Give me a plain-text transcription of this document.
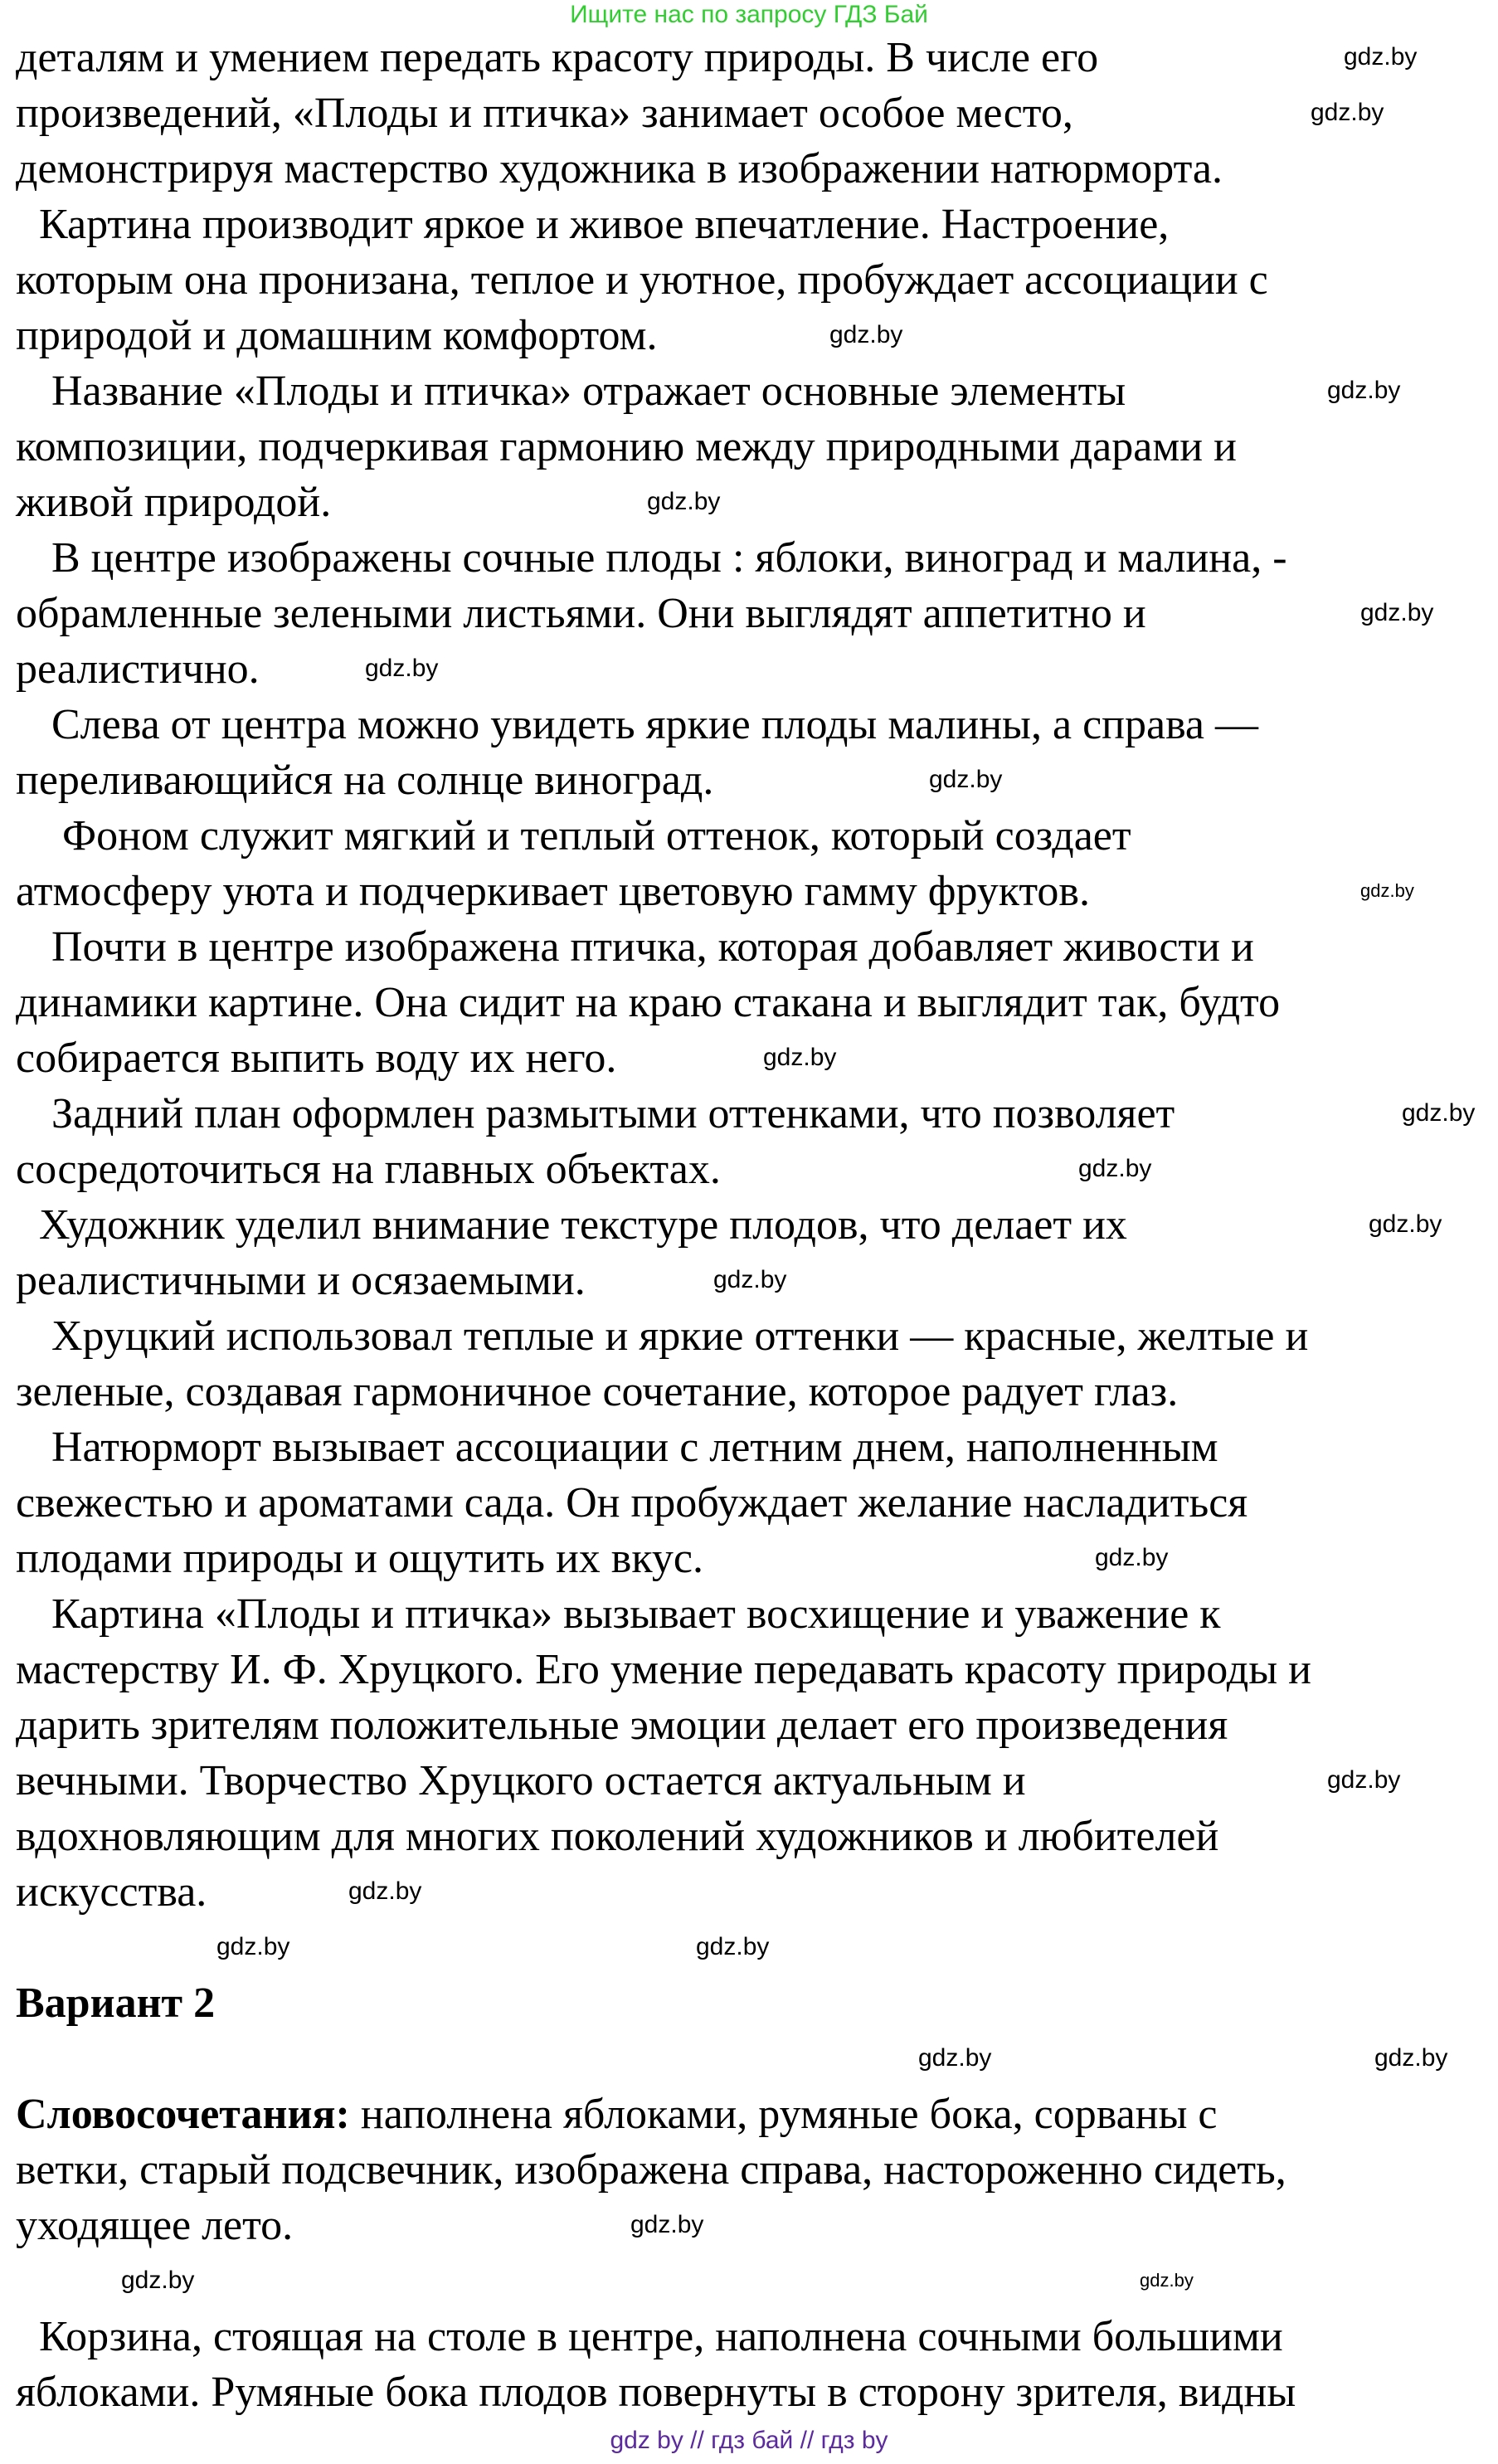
Ищите нас по запросу ГДЗ Бай
деталям и умением передать красоту природы. В числе его
произведений, «Плоды и птичка» занимает особое место,
демонстрируя мастерство художника в изображении натюрморта.
Картина производит яркое и живое впечатление. Настроение,
которым она пронизана, теплое и уютное, пробуждает ассоциации с
природой и домашним комфортом.
Название «Плоды и птичка» отражает основные элементы
композиции, подчеркивая гармонию между природными дарами и
живой природой.
В центре изображены сочные плоды : яблоки, виноград и малина, -
обрамленные зелеными листьями. Они выглядят аппетитно и
реалистично.
Слева от центра можно увидеть яркие плоды малины, а справа —
переливающийся на солнце виноград.
Фоном служит мягкий и теплый оттенок, который создает
атмосферу уюта и подчеркивает цветовую гамму фруктов.
Почти в центре изображена птичка, которая добавляет живости и
динамики картине. Она сидит на краю стакана и выглядит так, будто
собирается выпить воду их него.
Задний план оформлен размытыми оттенками, что позволяет
сосредоточиться на главных объектах.
Художник уделил внимание текстуре плодов, что делает их
реалистичными и осязаемыми.
Хруцкий использовал теплые и яркие оттенки — красные, желтые и
зеленые, создавая гармоничное сочетание, которое радует глаз.
Натюрморт вызывает ассоциации с летним днем, наполненным
свежестью и ароматами сада. Он пробуждает желание насладиться
плодами природы и ощутить их вкус.
Картина «Плоды и птичка» вызывает восхищение и уважение к
мастерству И. Ф. Хруцкого. Его умение передавать красоту природы и
дарить зрителям положительные эмоции делает его произведения
вечными. Творчество Хруцкого остается актуальным и
вдохновляющим для многих поколений художников и любителей
искусства.
Вариант 2
Словосочетания: наполнена яблоками, румяные бока, сорваны с
ветки, старый подсвечник, изображена справа, настороженно сидеть,
уходящее лето.
Корзина, стоящая на столе в центре, наполнена сочными большими
яблоками. Румяные бока плодов повернуты в сторону зрителя, видны
gdz.by
gdz.by
gdz.by
gdz.by
gdz.by
gdz.by
gdz.by
gdz.by
gdz.by
gdz.by
gdz.by
gdz.by
gdz.by
gdz.by
gdz.by
gdz.by
gdz.by
gdz.by	gdz.by
gdz.by	gdz.by
gdz.by
gdz.by	gdz.by
gdz by // гдз бай // гдз by
